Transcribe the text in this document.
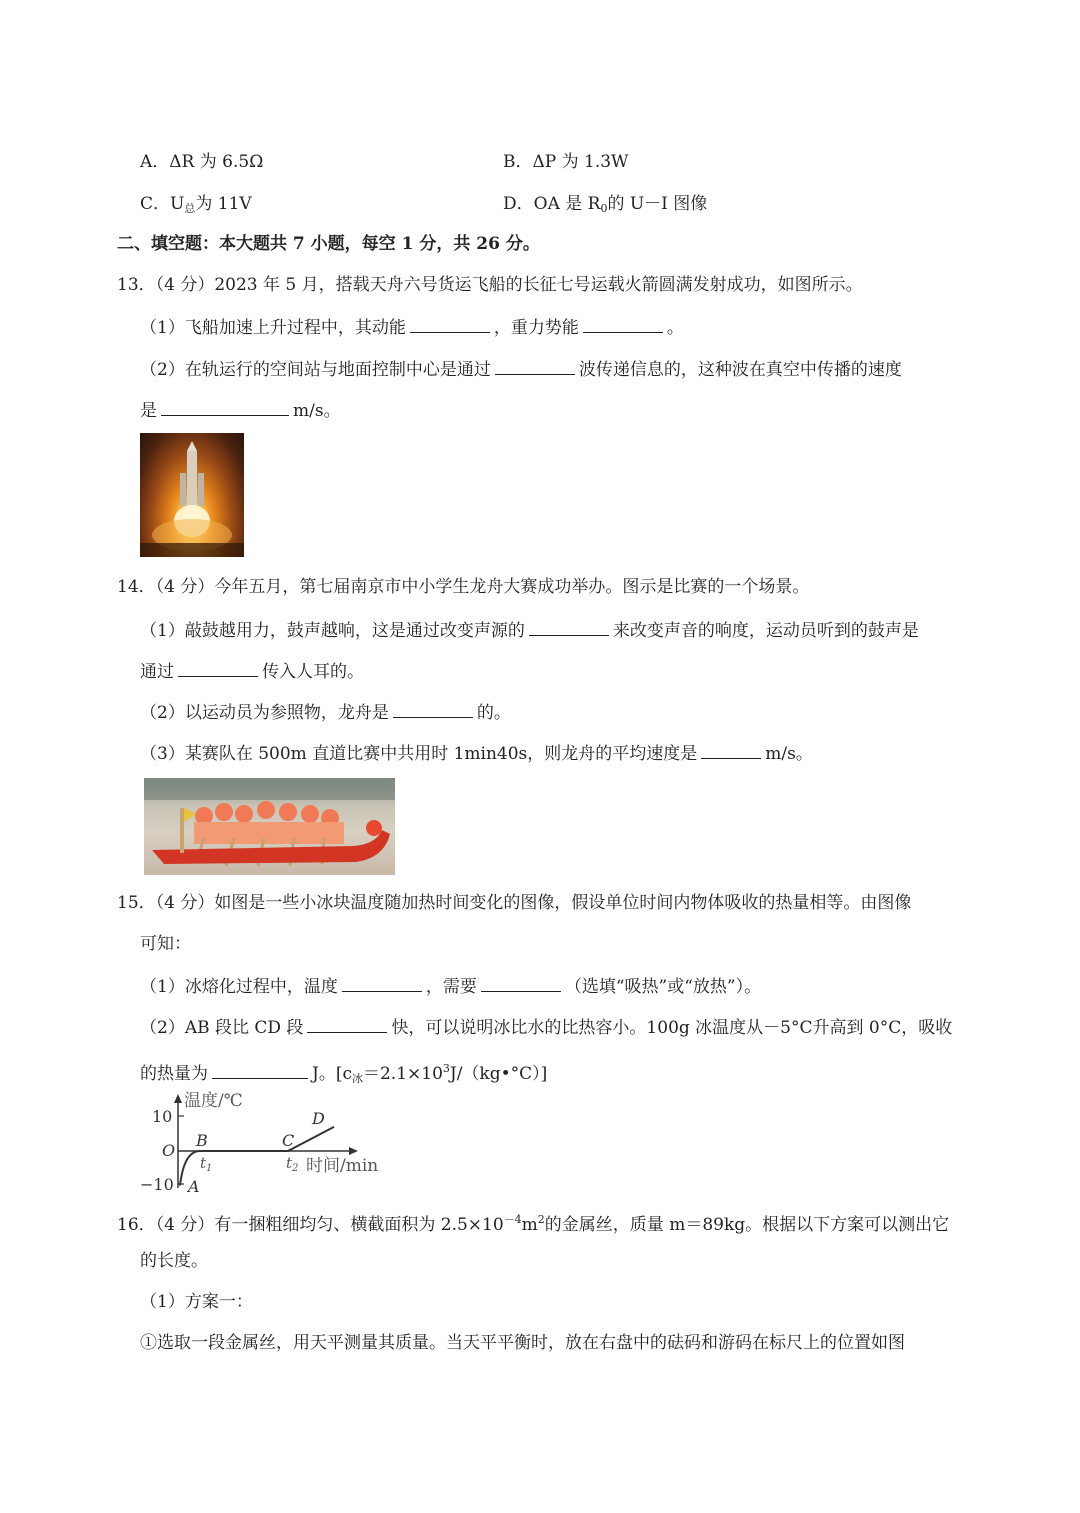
A．ΔR 为 6.5Ω	B．ΔP 为 1.3W
C．$U_总$为 11V	D．OA 是 $R_0$的 U－I 图像
二、填空题：本大题共 7 小题，每空 1 分，共 26 分。
13．（4 分）2023 年 5 月，搭载天舟六号货运飞船的长征七号运载火箭圆满发射成功，如图所示。
（1）飞船加速上升过程中，其动能	，重力势能	。
（2）在轨运行的空间站与地面控制中心是通过	波传递信息的，这种波在真空中传播的速度
是	m/s。
14．（4 分）今年五月，第七届南京市中小学生龙舟大赛成功举办。图示是比赛的一个场景。
（1）敲鼓越用力，鼓声越响，这是通过改变声源的	来改变声音的响度，运动员听到的鼓声是
通过	传入人耳的。
（2）以运动员为参照物，龙舟是	的。
（3）某赛队在 500m 直道比赛中共用时 1min40s，则龙舟的平均速度是	m/s。
15．（4 分）如图是一些小冰块温度随加热时间变化的图像，假设单位时间内物体吸收的热量相等。由图像
可知：
（1）冰熔化过程中，温度	，需要	（选填“吸热”或“放热”）。
（2）AB 段比 CD 段	快，可以说明冰比水的比热容小。100g 冰温度从－5°C升高到 0°C，吸收
的热量为	J。$[c_冰=2.1\times 10^3J/(kg•^\circ C)]$
温度/℃
10
O
−10 A
B	C
D
$t_1$	$t_2$ 时间/min
16．（4 分）有一捆粗细均匀、横截面积为 $2.5\times 10^{-4}m^2$的金属丝，质量 m＝89kg。根据以下方案可以测出它
的长度。
（1）方案一：
①选取一段金属丝，用天平测量其质量。当天平平衡时，放在右盘中的砝码和游码在标尺上的位置如图
